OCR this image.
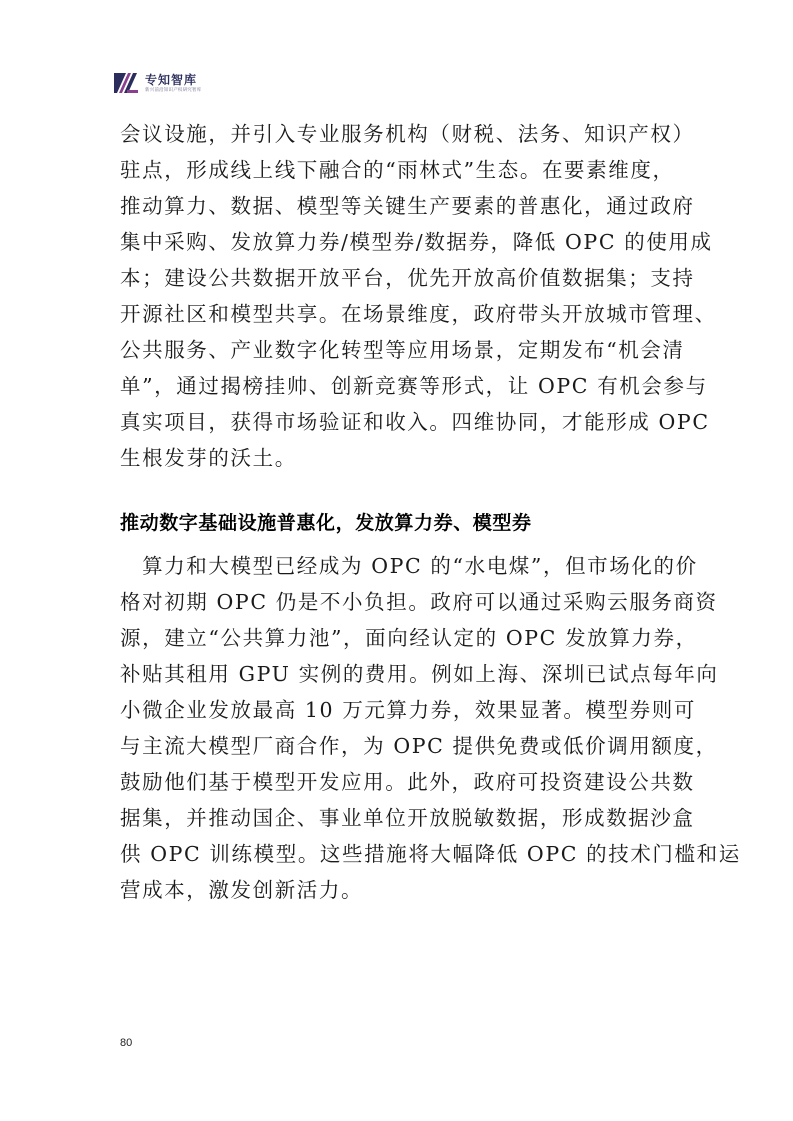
专知智库
新兴前沿知识产权研究智库
会议设施，并引入专业服务机构（财税、法务、知识产权）
驻点，形成线上线下融合的“雨林式”生态。在要素维度，
推动算力、数据、模型等关键生产要素的普惠化，通过政府
集中采购、发放算力券/模型券/数据券，降低 OPC 的使用成
本；建设公共数据开放平台，优先开放高价值数据集；支持
开源社区和模型共享。在场景维度，政府带头开放城市管理、
公共服务、产业数字化转型等应用场景，定期发布“机会清
单”，通过揭榜挂帅、创新竞赛等形式，让 OPC 有机会参与
真实项目，获得市场验证和收入。四维协同，才能形成 OPC
生根发芽的沃土。
推动数字基础设施普惠化，发放算力券、模型券
　算力和大模型已经成为 OPC 的“水电煤”，但市场化的价
格对初期 OPC 仍是不小负担。政府可以通过采购云服务商资
源，建立“公共算力池”，面向经认定的 OPC 发放算力券，
补贴其租用 GPU 实例的费用。例如上海、深圳已试点每年向
小微企业发放最高 10 万元算力券，效果显著。模型券则可
与主流大模型厂商合作，为 OPC 提供免费或低价调用额度，
鼓励他们基于模型开发应用。此外，政府可投资建设公共数
据集，并推动国企、事业单位开放脱敏数据，形成数据沙盒
供 OPC 训练模型。这些措施将大幅降低 OPC 的技术门槛和运
营成本，激发创新活力。
80
